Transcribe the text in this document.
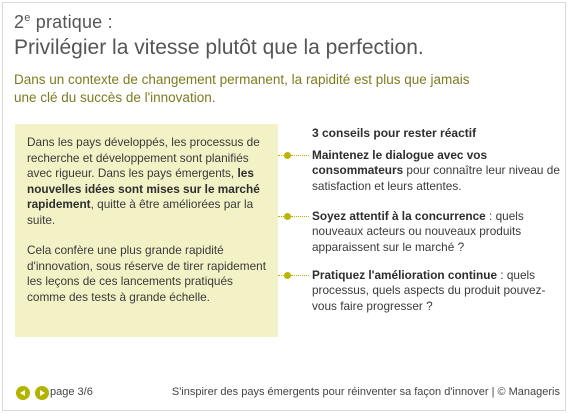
2e pratique :
Privilégier la vitesse plutôt que la perfection.
Dans un contexte de changement permanent, la rapidité est plus que jamais une clé du succès de l'innovation.

Dans les pays développés, les processus de recherche et développement sont planifiés avec rigueur. Dans les pays émergents, les nouvelles idées sont mises sur le marché rapidement, quitte à être améliorées par la suite.

Cela confère une plus grande rapidité d'innovation, sous réserve de tirer rapidement les leçons de ces lancements pratiqués comme des tests à grande échelle.

3 conseils pour rester réactif
Maintenez le dialogue avec vos consommateurs pour connaître leur niveau de satisfaction et leurs attentes.
Soyez attentif à la concurrence : quels nouveaux acteurs ou nouveaux produits apparaissent sur le marché ?
Pratiquez l'amélioration continue : quels processus, quels aspects du produit pouvez-vous faire progresser ?
page 3/6	S'inspirer des pays émergents pour réinventer sa façon d'innover | © Manageris
